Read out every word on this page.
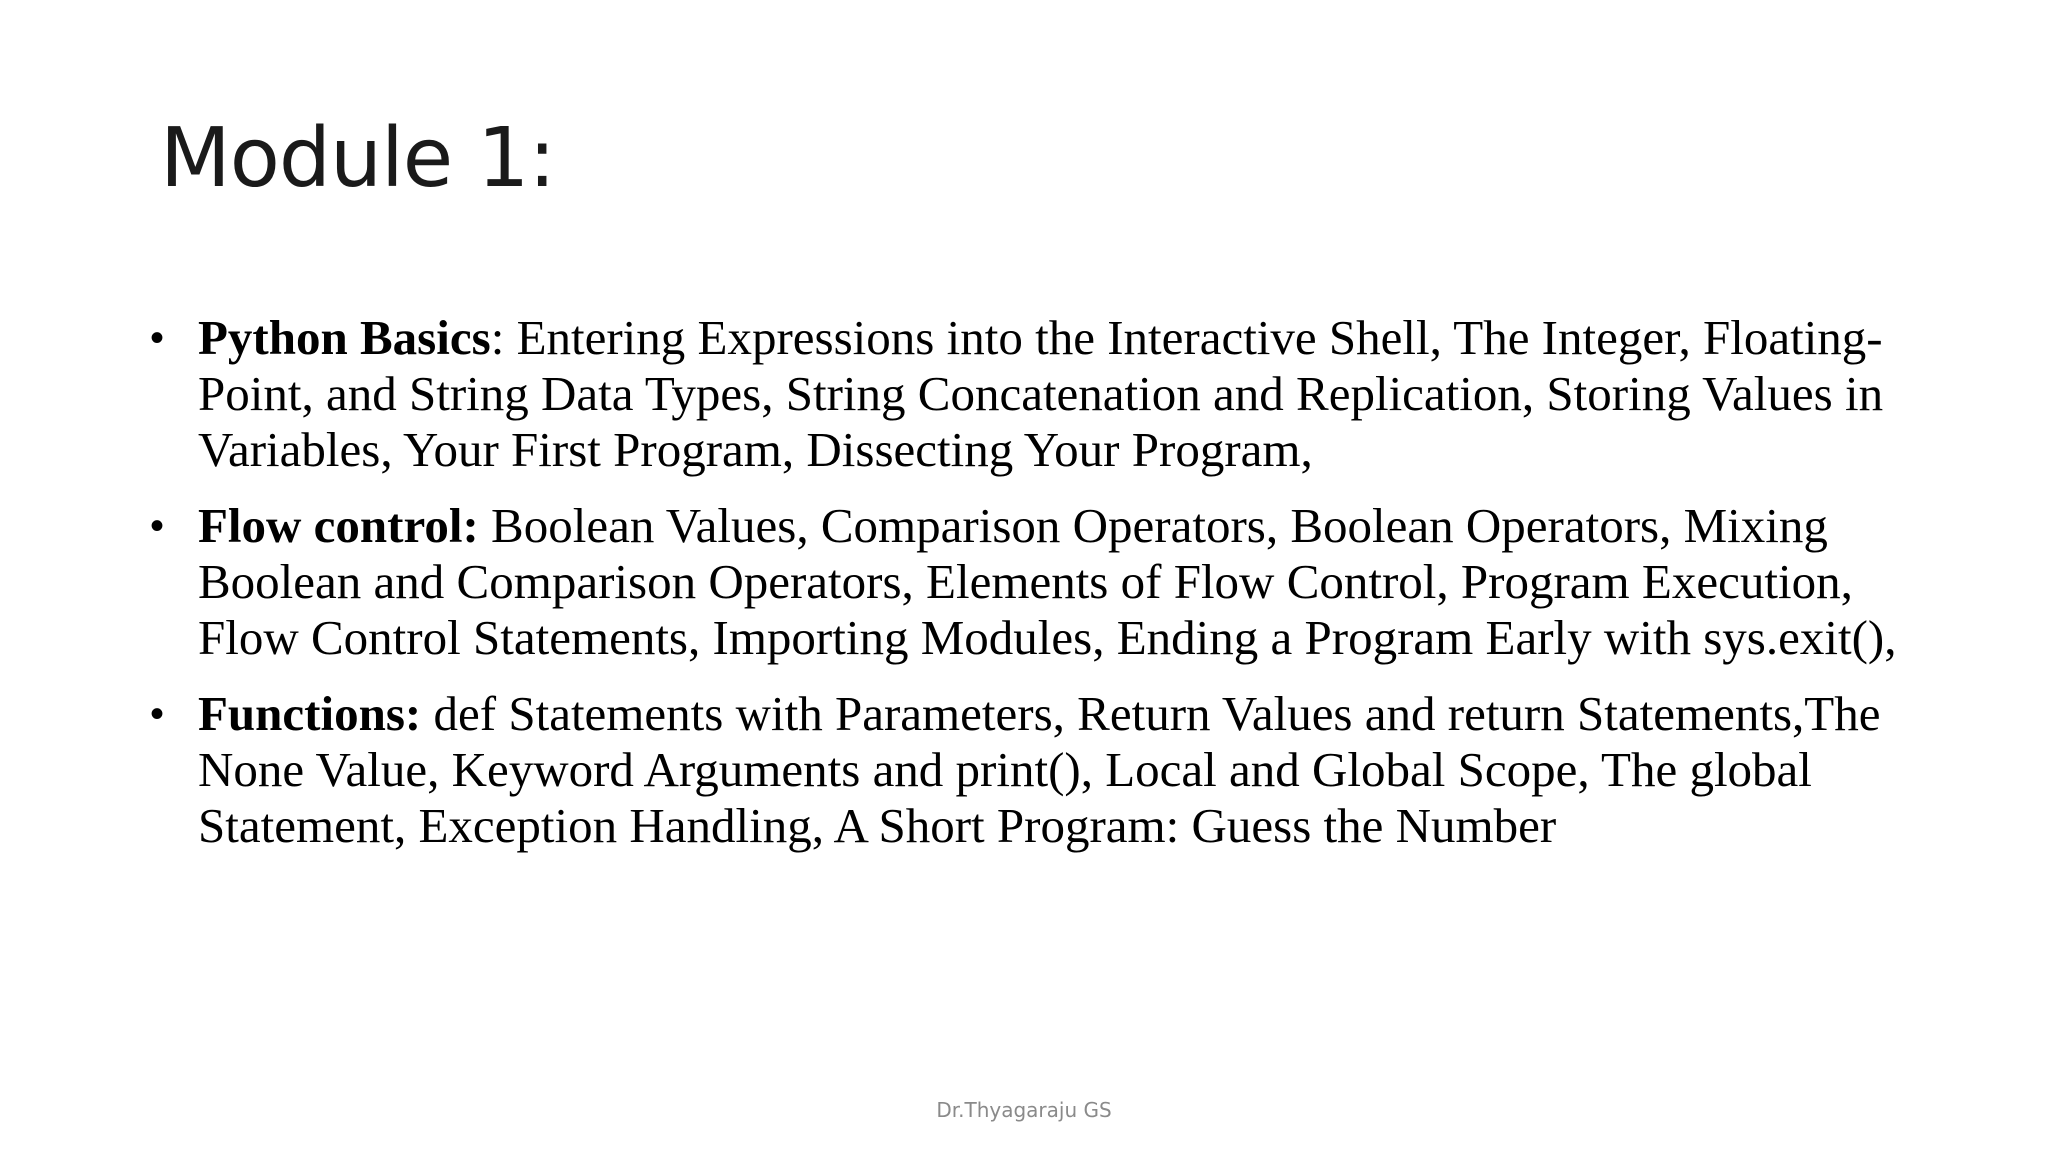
Module 1:
• Python Basics: Entering Expressions into the Interactive Shell, The Integer, Floating-Point, and String Data Types, String Concatenation and Replication, Storing Values in Variables, Your First Program, Dissecting Your Program,
• Flow control: Boolean Values, Comparison Operators, Boolean Operators, Mixing Boolean and Comparison Operators, Elements of Flow Control, Program Execution, Flow Control Statements, Importing Modules, Ending a Program Early with sys.exit(),
• Functions: def Statements with Parameters, Return Values and return Statements,The None Value, Keyword Arguments and print(), Local and Global Scope, The global Statement, Exception Handling, A Short Program: Guess the Number
Dr.Thyagaraju GS
